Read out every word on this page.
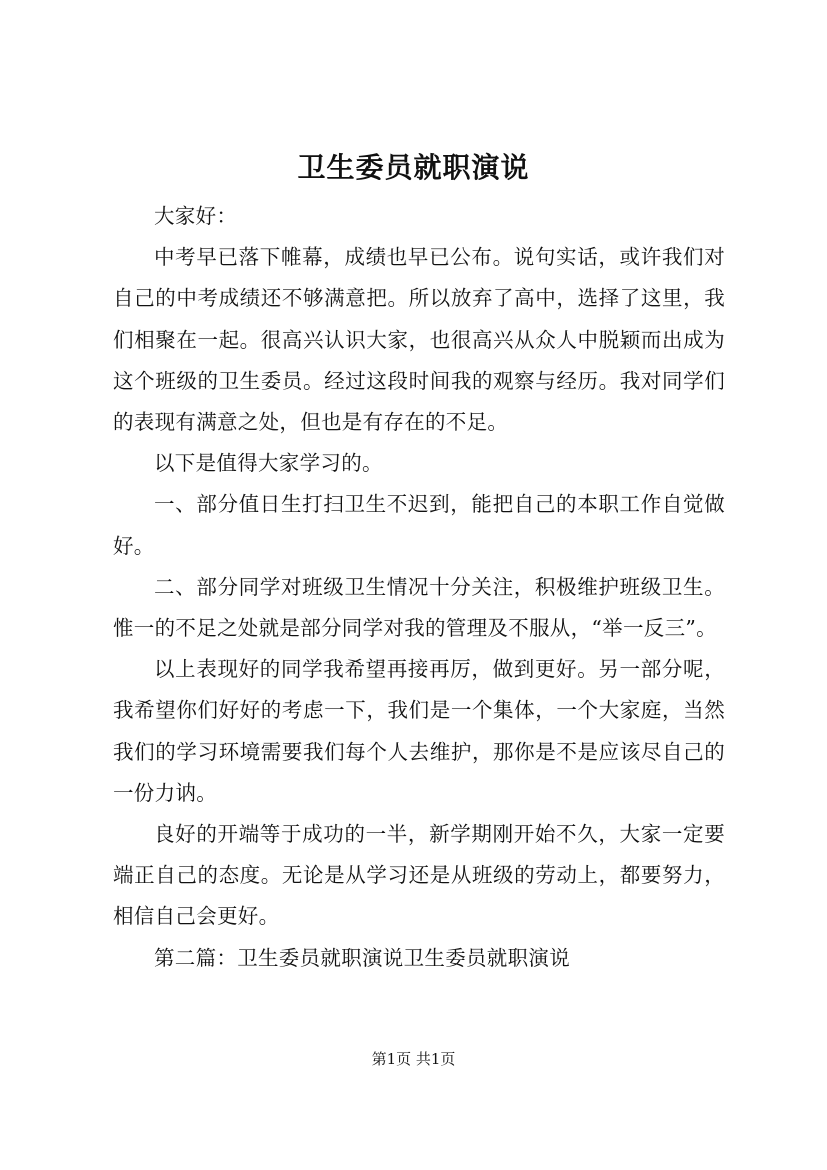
卫生委员就职演说

大家好：

中考早已落下帷幕，成绩也早已公布。说句实话，或许我们对自己的中考成绩还不够满意把。所以放弃了高中，选择了这里，我们相聚在一起。很高兴认识大家，也很高兴从众人中脱颖而出成为这个班级的卫生委员。经过这段时间我的观察与经历。我对同学们的表现有满意之处，但也是有存在的不足。

以下是值得大家学习的。

一、部分值日生打扫卫生不迟到，能把自己的本职工作自觉做好。

二、部分同学对班级卫生情况十分关注，积极维护班级卫生。惟一的不足之处就是部分同学对我的管理及不服从，“举一反三”。

以上表现好的同学我希望再接再厉，做到更好。另一部分呢，我希望你们好好的考虑一下，我们是一个集体，一个大家庭，当然我们的学习环境需要我们每个人去维护，那你是不是应该尽自己的一份力讷。

良好的开端等于成功的一半，新学期刚开始不久，大家一定要端正自己的态度。无论是从学习还是从班级的劳动上，都要努力，相信自己会更好。

第二篇：卫生委员就职演说卫生委员就职演说

第1页 共1页
